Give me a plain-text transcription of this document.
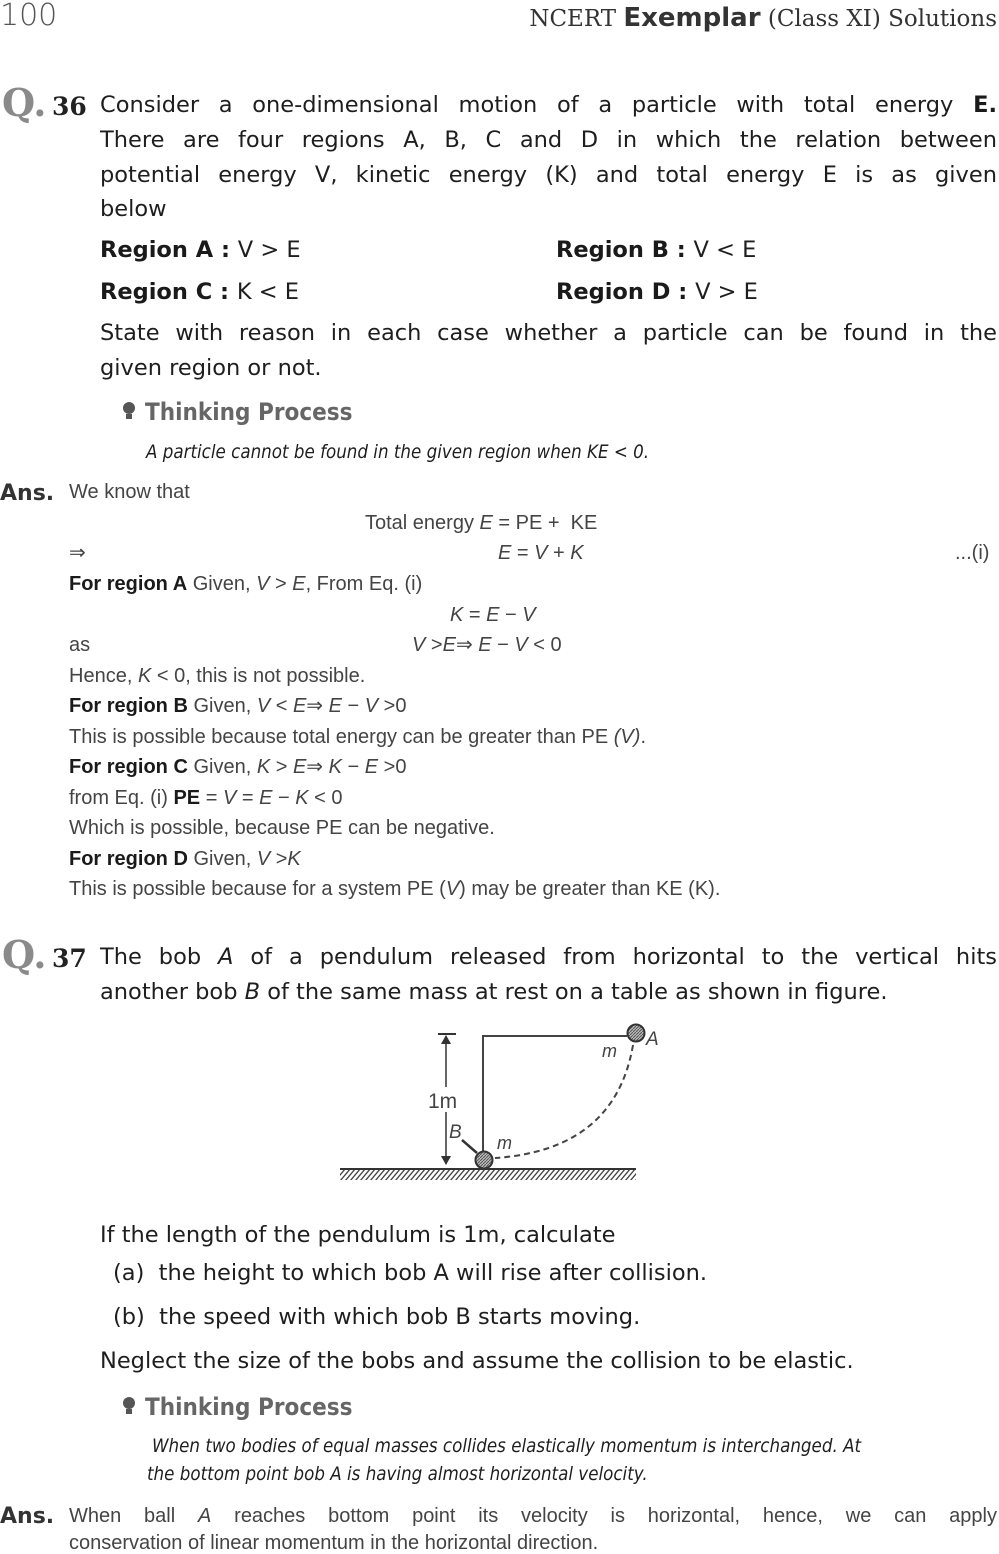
100	NCERT Exemplar (Class XI) Solutions
Q. 36
Thinking Process
A particle cannot be found in the given region when KE < 0.
Ans.
Q. 37
1m
A
B
m
m
Thinking Process
When two bodies of equal masses collides elastically momentum is interchanged. At
the bottom point bob A is having almost horizontal velocity.
Ans.
Consider a one-dimensional motion of a particle with total energy E.
There are four regions A, B, C and D in which the relation between
potential energy V, kinetic energy (K) and total energy E is as given
below
Region A : V > E	Region B : V < E
Region C : K < E	Region D : V > E
State with reason in each case whether a particle can be found in the
given region or not.
We know that
Total energy E = PE +  KE
⇒	E = V + K	...(i)
For region A Given, V > E, From Eq. (i)
K = E − V
as	V >E⇒ E − V < 0
Hence, K < 0, this is not possible.
For region B Given, V < E⇒ E − V >0
This is possible because total energy can be greater than PE (V).
For region C Given, K > E⇒ K − E >0
from Eq. (i) PE = V = E − K < 0
Which is possible, because PE can be negative.
For region D Given, V >K
This is possible because for a system PE (V) may be greater than KE (K).
The bob A of a pendulum released from horizontal to the vertical hits
another bob B of the same mass at rest on a table as shown in figure.
If the length of the pendulum is 1m, calculate
(a)  the height to which bob A will rise after collision.
(b)  the speed with which bob B starts moving.
Neglect the size of the bobs and assume the collision to be elastic.
When ball A reaches bottom point its velocity is horizontal, hence, we can apply
conservation of linear momentum in the horizontal direction.
